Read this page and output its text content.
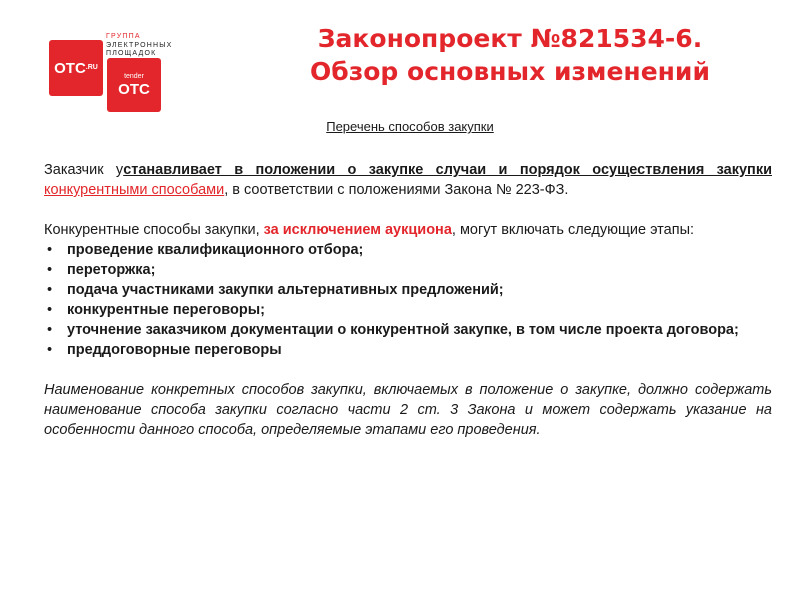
ОТС .RU
ГРУППА
ЭЛЕКТРОННЫХ
ПЛОЩАДОК
tender
ОТС
Законопроект №821534-6.
Обзор основных изменений
Перечень способов закупки

Заказчик устанавливает в положении о закупке случаи и порядок осуществления закупки конкурентными способами, в соответствии с положениями Закона № 223-ФЗ.

Конкурентные способы закупки, за исключением аукциона, могут включать следующие этапы:

• проведение квалификационного отбора;
• переторжка;
• подача участниками закупки альтернативных предложений;
• конкурентные переговоры;
• уточнение заказчиком документации о конкурентной закупке, в том числе проекта договора;
• преддоговорные переговоры

Наименование конкретных способов закупки, включаемых в положение о закупке, должно содержать наименование способа закупки согласно части 2 ст. 3 Закона и может содержать указание на особенности данного способа, определяемые этапами его проведения.
